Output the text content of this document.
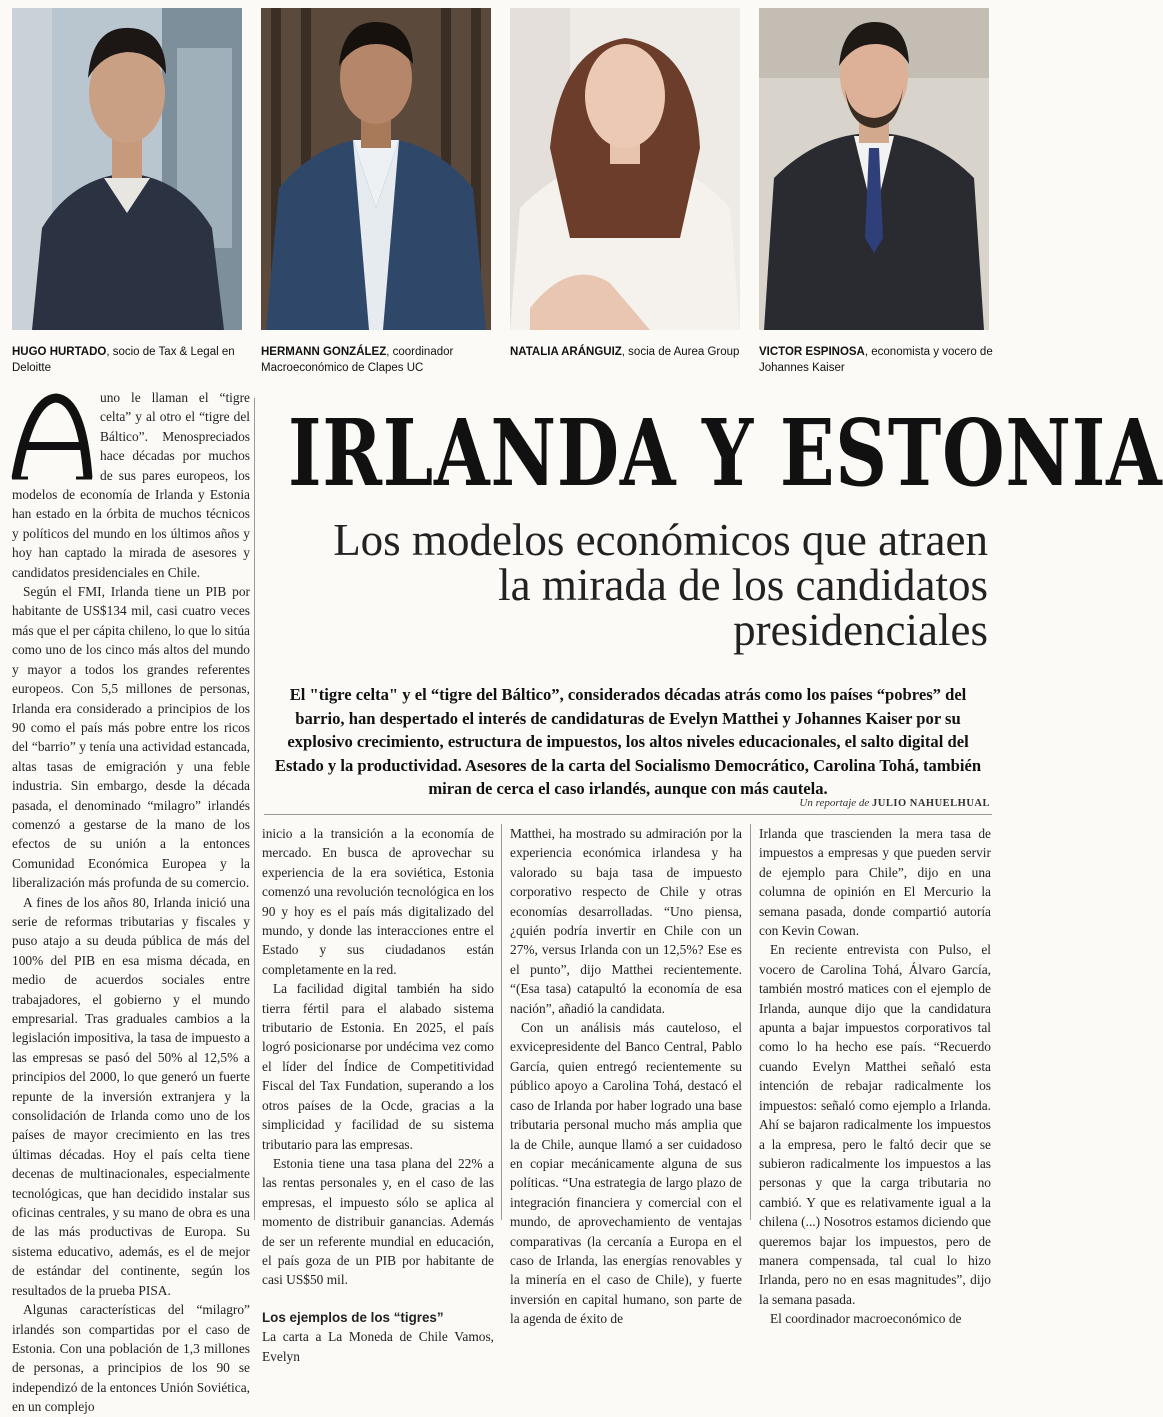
HUGO HURTADO, socio de Tax & Legal en Deloitte
HERMANN GONZÁLEZ, coordinador Macroeconómico de Clapes UC
NATALIA ARÁNGUIZ, socia de Aurea Group	VICTOR ESPINOSA, economista y vocero de Johannes Kaiser
IRLANDA Y ESTONIA
Los modelos económicos que atraen la mirada de los candidatos presidenciales
El "tigre celta" y el “tigre del Báltico”, considerados décadas atrás como los países “pobres” del barrio, han despertado el interés de candidaturas de Evelyn Matthei y Johannes Kaiser por su explosivo crecimiento, estructura de impuestos, los altos niveles educacionales, el salto digital del Estado y la productividad. Asesores de la carta del Socialismo Democrático, Carolina Tohá, también miran de cerca el caso irlandés, aunque con más cautela.
Un reportaje de JULIO NAHUELHUAL
A

uno le llaman el “tigre celta” y al otro el “tigre del Báltico”. Menospreciados hace décadas por muchos de sus pares europeos, los modelos de economía de Irlanda y Estonia han estado en la órbita de muchos técnicos y políticos del mundo en los últimos años y hoy han captado la mirada de asesores y candidatos presidenciales en Chile.

Según el FMI, Irlanda tiene un PIB por habitante de US$134 mil, casi cuatro veces más que el per cápita chileno, lo que lo sitúa como uno de los cinco más altos del mundo y mayor a todos los grandes referentes europeos. Con 5,5 millones de personas, Irlanda era considerado a principios de los 90 como el país más pobre entre los ricos del “barrio” y tenía una actividad estancada, altas tasas de emigración y una feble industria. Sin embargo, desde la década pasada, el denominado “milagro” irlandés comenzó a gestarse de la mano de los efectos de su unión a la entonces Comunidad Económica Europea y la liberalización más profunda de su comercio.

A fines de los años 80, Irlanda inició una serie de reformas tributarias y fiscales y puso atajo a su deuda pública de más del 100% del PIB en esa misma década, en medio de acuerdos sociales entre trabajadores, el gobierno y el mundo empresarial. Tras graduales cambios a la legislación impositiva, la tasa de impuesto a las empresas se pasó del 50% al 12,5% a principios del 2000, lo que generó un fuerte repunte de la inversión extranjera y la consolidación de Irlanda como uno de los países de mayor crecimiento en las tres últimas décadas. Hoy el país celta tiene decenas de multinacionales, especialmente tecnológicas, que han decidido instalar sus oficinas centrales, y su mano de obra es una de las más productivas de Europa. Su sistema educativo, además, es el de mejor de estándar del continente, según los resultados de la prueba PISA.

Algunas características del “milagro” irlandés son compartidas por el caso de Estonia. Con una población de 1,3 millones de personas, a principios de los 90 se independizó de la entonces Unión Soviética, en un complejo

inicio a la transición a la economía de mercado. En busca de aprovechar su experiencia de la era soviética, Estonia comenzó una revolución tecnológica en los 90 y hoy es el país más digitalizado del mundo, y donde las interacciones entre el Estado y sus ciudadanos están completamente en la red.

La facilidad digital también ha sido tierra fértil para el alabado sistema tributario de Estonia. En 2025, el país logró posicionarse por undécima vez como el líder del Índice de Competitividad Fiscal del Tax Fundation, superando a los otros países de la Ocde, gracias a la simplicidad y facilidad de su sistema tributario para las empresas.

Estonia tiene una tasa plana del 22% a las rentas personales y, en el caso de las empresas, el impuesto sólo se aplica al momento de distribuir ganancias. Además de ser un referente mundial en educación, el país goza de un PIB por habitante de casi US$50 mil.

Los ejemplos de los “tigres”

La carta a La Moneda de Chile Vamos, Evelyn

Matthei, ha mostrado su admiración por la experiencia económica irlandesa y ha valorado su baja tasa de impuesto corporativo respecto de Chile y otras economías desarrolladas. “Uno piensa, ¿quién podría invertir en Chile con un 27%, versus Irlanda con un 12,5%? Ese es el punto”, dijo Matthei recientemente. “(Esa tasa) catapultó la economía de esa nación”, añadió la candidata.

Con un análisis más cauteloso, el exvicepresidente del Banco Central, Pablo García, quien entregó recientemente su público apoyo a Carolina Tohá, destacó el caso de Irlanda por haber logrado una base tributaria personal mucho más amplia que la de Chile, aunque llamó a ser cuidadoso en copiar mecánicamente alguna de sus políticas. “Una estrategia de largo plazo de integración financiera y comercial con el mundo, de aprovechamiento de ventajas comparativas (la cercanía a Europa en el caso de Irlanda, las energías renovables y la minería en el caso de Chile), y fuerte inversión en capital humano, son parte de la agenda de éxito de

Irlanda que trascienden la mera tasa de impuestos a empresas y que pueden servir de ejemplo para Chile”, dijo en una columna de opinión en El Mercurio la semana pasada, donde compartió autoría con Kevin Cowan.

En reciente entrevista con Pulso, el vocero de Carolina Tohá, Álvaro García, también mostró matices con el ejemplo de Irlanda, aunque dijo que la candidatura apunta a bajar impuestos corporativos tal como lo ha hecho ese país. “Recuerdo cuando Evelyn Matthei señaló esta intención de rebajar radicalmente los impuestos: señaló como ejemplo a Irlanda. Ahí se bajaron radicalmente los impuestos a la empresa, pero le faltó decir que se subieron radicalmente los impuestos a las personas y que la carga tributaria no cambió. Y que es relativamente igual a la chilena (...) Nosotros estamos diciendo que queremos bajar los impuestos, pero de manera compensada, tal cual lo hizo Irlanda, pero no en esas magnitudes”, dijo la semana pasada.

El coordinador macroeconómico de
